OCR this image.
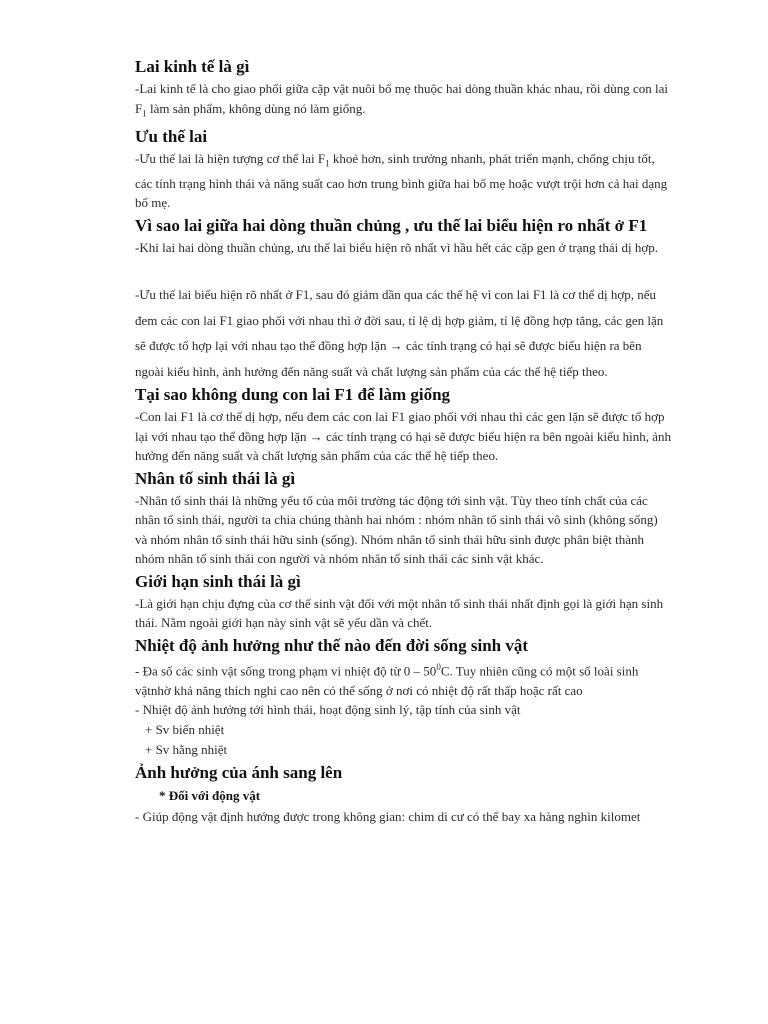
Lai kinh tế là gì

-Lai kinh tế là cho giao phối giữa cặp vật nuôi bố mẹ thuộc hai dòng thuần khác nhau, rồi dùng con lai $F_1$ làm sản phẩm, không dùng nó làm giống.

Ưu thế lai

-Ưu thế lai là hiện tượng cơ thể lai $F_1$ khoẻ hơn, sinh trưởng nhanh, phát triển mạnh, chống chịu tốt, các tính trạng hình thái và năng suất cao hơn trung bình giữa hai bố mẹ hoặc vượt trội hơn cả hai dạng bố mẹ.

Vì sao lai giữa hai dòng thuần chủng , ưu thế lai biểu hiện ro nhất ở F1

-Khi lai hai dòng thuần chủng, ưu thế lai biểu hiện rõ nhất vì hầu hết các cặp gen ở trạng thái dị hợp.

-Ưu thế lai biểu hiện rõ nhất ở F1, sau đó giảm dần qua các thế hệ vì con lai F1 là cơ thể dị hợp, nếu đem các con lai F1 giao phối với nhau thì ở đời sau, tỉ lệ dị hợp giảm, tỉ lệ đồng hợp tăng, các gen lặn sẽ được tổ hợp lại với nhau tạo thể đồng hợp lặn → các tính trạng có hại sẽ được biểu hiện ra bên ngoài kiểu hình, ảnh hưởng đến năng suất và chất lượng sản phẩm của các thế hệ tiếp theo.

Tại sao không dung con lai F1 để làm giống

-Con lai F1 là cơ thể dị hợp, nếu đem các con lai F1 giao phối với nhau thì các gen lặn sẽ được tổ hợp lại với nhau tạo thể đồng hợp lặn → các tính trạng có hại sẽ được biểu hiện ra bên ngoài kiểu hình, ảnh hưởng đến năng suất và chất lượng sản phẩm của các thế hệ tiếp theo.

Nhân tố sinh thái là gì

-Nhân tố sinh thái là những yếu tố của môi trường tác động tới sinh vật. Tùy theo tính chất của các nhân tố sinh thái, người ta chia chúng thành hai nhóm : nhóm nhân tố sinh thái vô sinh (không sống) và nhóm nhân tố sinh thái hữu sinh (sống). Nhóm nhân tố sinh thái hữu sinh được phân biệt thành nhóm nhân tố sinh thái con người và nhóm nhân tố sinh thái các sinh vật khác.

Giới hạn sinh thái là gì

-Là giới hạn chịu đựng của cơ thể sinh vật đối với một nhân tố sinh thái nhất định gọi là giới hạn sinh thái. Nằm ngoài giới hạn này sinh vật sẽ yếu dần và chết.

Nhiệt độ ảnh hưởng như thế nào đến đời sống sinh vật

- Đa số các sinh vật sống trong phạm vi nhiệt độ từ $0 - 50^0C$. Tuy nhiên cũng có một số loài sinh vậtnhờ khả năng thích nghi cao nên có thể sống ở nơi có nhiệt độ rất thấp hoặc rất cao

- Nhiệt độ ảnh hưởng tới hình thái, hoạt động sinh lý, tập tính của sinh vật

+ Sv biến nhiệt

+ Sv hằng nhiệt

Ảnh hưởng của ánh sang lên

* Đối với động vật

- Giúp động vật định hướng được trong không gian: chim di cư có thể bay xa hàng nghìn kilomet
